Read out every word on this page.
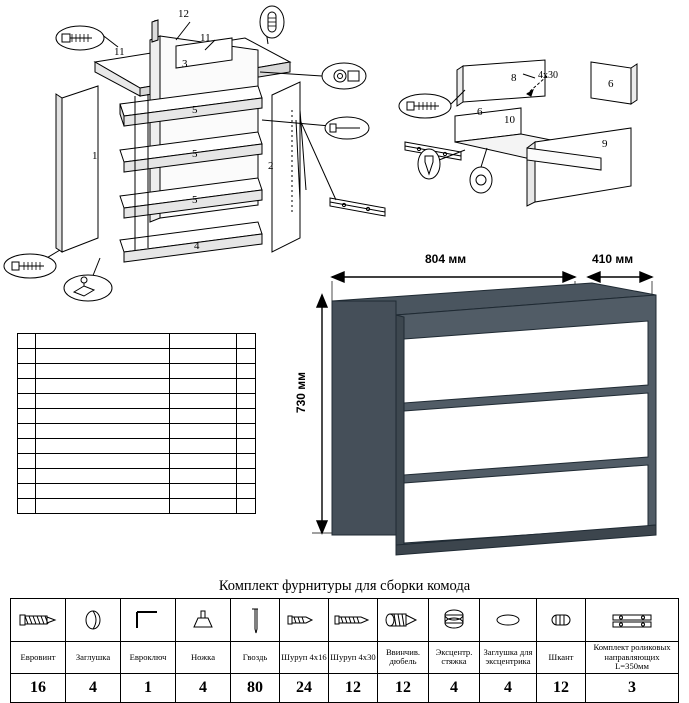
12
11
11
3
5
5
5
1
2
4
8
6
6
10
9
4х30
804 мм	410 мм
730 мм

Комплект фурнитуры для сборки комода

Евровинт	Заглушка	Евроключ	Ножка	Гвоздь	Шуруп 4х16	Шуруп 4х30	Ввинчив. дюбель	Эксцентр. стяжка	Заглушка для эксцентрика	Шкант	Комплект роликовых направляющих L=350мм
16	4	1	4	80	24	12	12	4	4	12	3
